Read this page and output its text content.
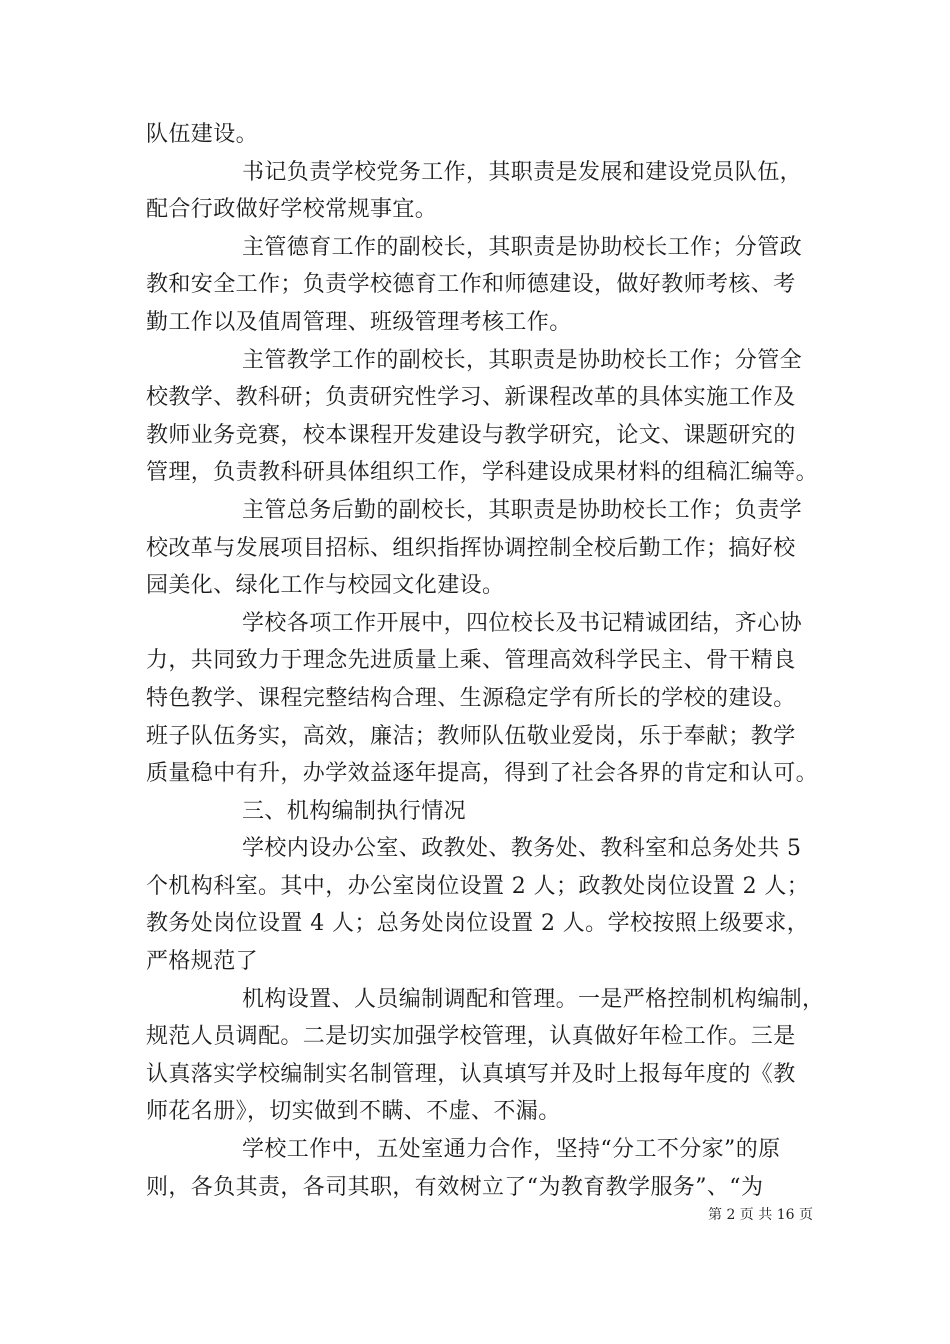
队伍建设。
书记负责学校党务工作，其职责是发展和建设党员队伍，
配合行政做好学校常规事宜。
主管德育工作的副校长，其职责是协助校长工作；分管政
教和安全工作；负责学校德育工作和师德建设，做好教师考核、考
勤工作以及值周管理、班级管理考核工作。
主管教学工作的副校长，其职责是协助校长工作；分管全
校教学、教科研；负责研究性学习、新课程改革的具体实施工作及
教师业务竞赛，校本课程开发建设与教学研究，论文、课题研究的
管理，负责教科研具体组织工作，学科建设成果材料的组稿汇编等。
主管总务后勤的副校长，其职责是协助校长工作；负责学
校改革与发展项目招标、组织指挥协调控制全校后勤工作；搞好校
园美化、绿化工作与校园文化建设。
学校各项工作开展中，四位校长及书记精诚团结，齐心协
力，共同致力于理念先进质量上乘、管理高效科学民主、骨干精良
特色教学、课程完整结构合理、生源稳定学有所长的学校的建设。
班子队伍务实，高效，廉洁；教师队伍敬业爱岗，乐于奉献；教学
质量稳中有升，办学效益逐年提高，得到了社会各界的肯定和认可。
三、机构编制执行情况
学校内设办公室、政教处、教务处、教科室和总务处共 5
个机构科室。其中，办公室岗位设置 2 人；政教处岗位设置 2 人；
教务处岗位设置 4 人；总务处岗位设置 2 人。学校按照上级要求，
严格规范了
机构设置、人员编制调配和管理。一是严格控制机构编制，
规范人员调配。二是切实加强学校管理，认真做好年检工作。三是
认真落实学校编制实名制管理，认真填写并及时上报每年度的《教
师花名册》，切实做到不瞒、不虚、不漏。
学校工作中，五处室通力合作，坚持“分工不分家”的原
则，各负其责，各司其职，有效树立了“为教育教学服务”、“为
第 2 页 共 16 页
